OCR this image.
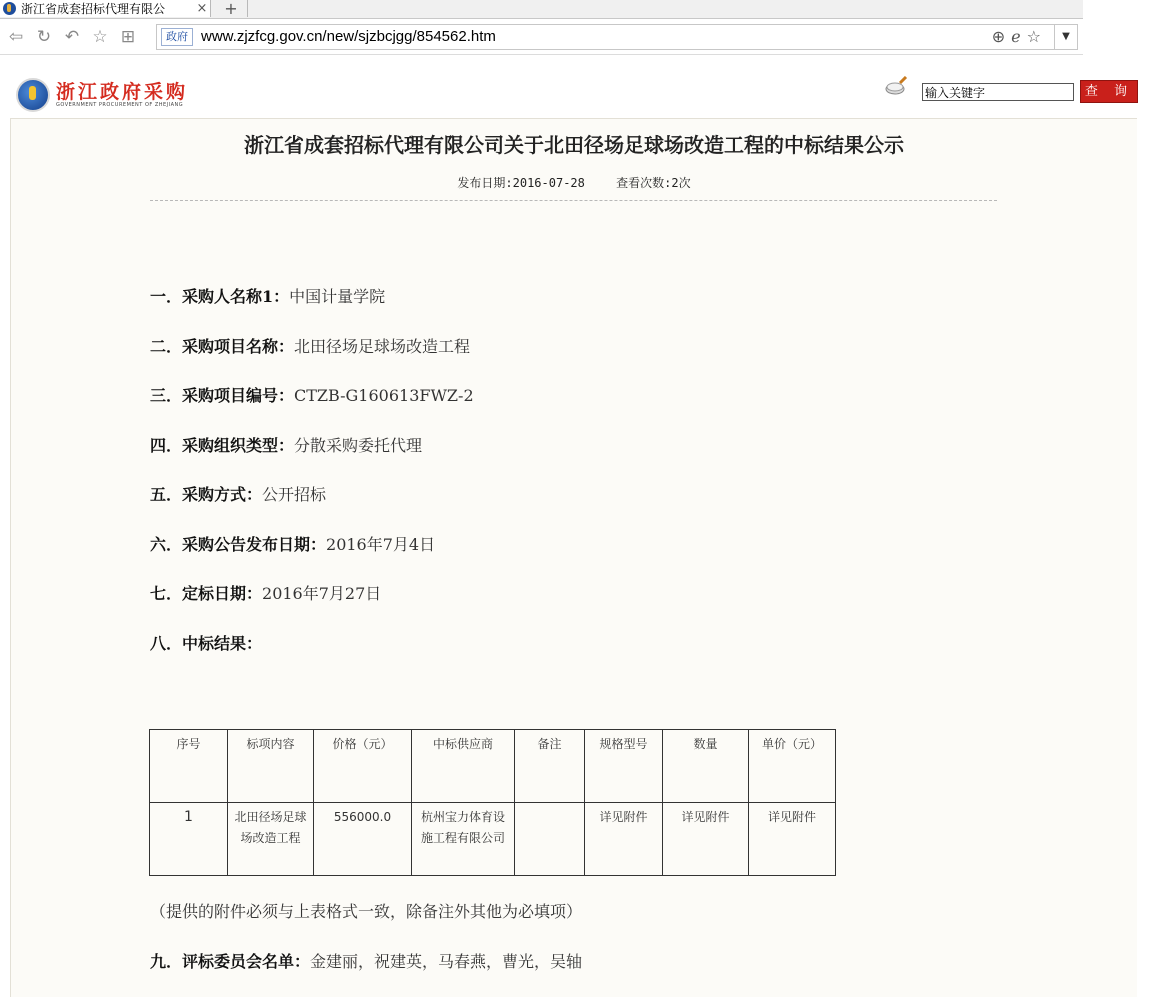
浙江省成套招标代理有限公	×	+
⇦ ↻ ↶ ☆ ⊞	政府 www.zjzfcg.gov.cn/new/sjzbcjgg/854562.htm	⊕ℯ☆	▼
浙江政府采购
GOVERNMENT PROCUREMENT OF ZHEJIANG
输入关键字
查 询
浙江省成套招标代理有限公司关于北田径场足球场改造工程的中标结果公示
发布日期:2016-07-28	查看次数:2次
一．采购人名称1：中国计量学院
二．采购项目名称：北田径场足球场改造工程
三．采购项目编号：CTZB-G160613FWZ-2
四．采购组织类型：分散采购委托代理
五．采购方式：公开招标
六．采购公告发布日期：2016年7月4日
七．定标日期：2016年7月27日
八．中标结果：
序号	标项内容	价格（元）	中标供应商	备注	规格型号	数量	单价（元）
1	北田径场足球场改造工程	556000.0	杭州宝力体育设施工程有限公司		详见附件	详见附件	详见附件
（提供的附件必须与上表格式一致，除备注外其他为必填项）
九．评标委员会名单：金建丽，祝建英，马春燕，曹光，吴轴
